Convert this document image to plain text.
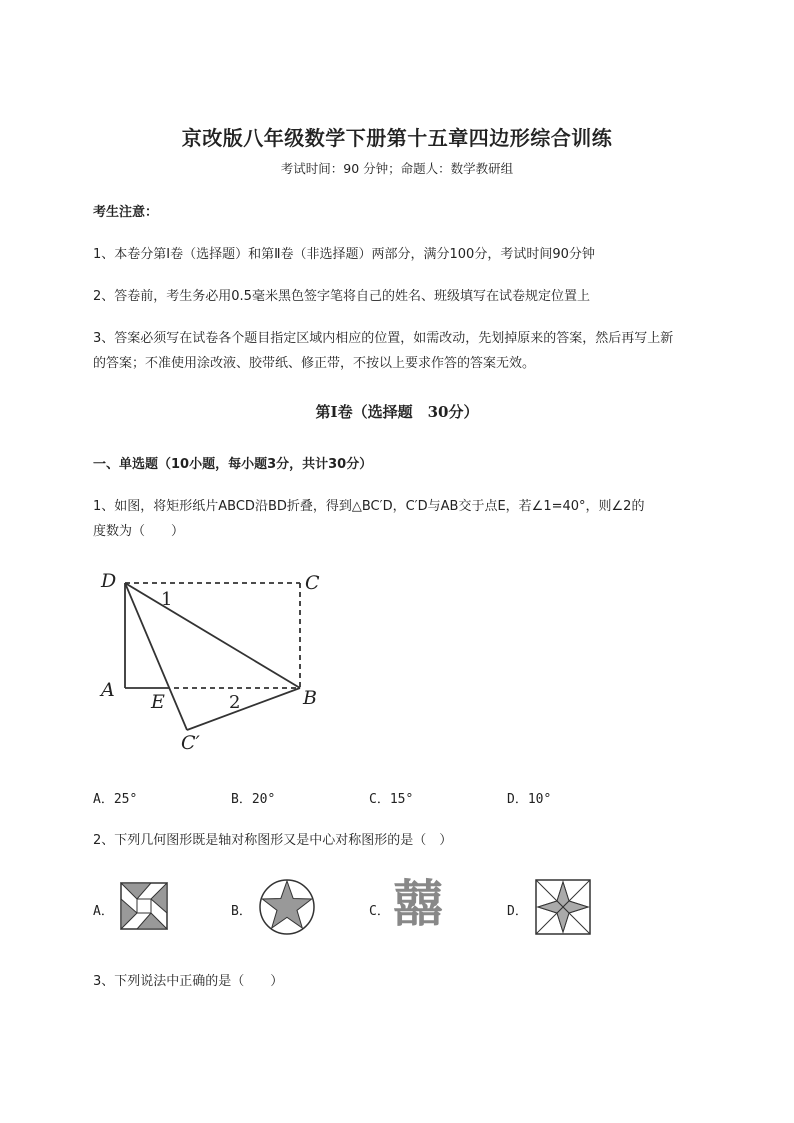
京改版八年级数学下册第十五章四边形综合训练
考试时间：90 分钟；命题人：数学教研组
考生注意：
1、本卷分第Ⅰ卷（选择题）和第Ⅱ卷（非选择题）两部分，满分100分，考试时间90分钟
2、答卷前，考生务必用0.5毫米黑色签字笔将自己的姓名、班级填写在试卷规定位置上
3、答案必须写在试卷各个题目指定区域内相应的位置，如需改动，先划掉原来的答案，然后再写上新
的答案；不准使用涂改液、胶带纸、修正带，不按以上要求作答的答案无效。
第Ⅰ卷（选择题　30分）
一、单选题（10小题，每小题3分，共计30分）
1、如图，将矩形纸片ABCD沿BD折叠，得到△BC′D，C′D与AB交于点E，若∠1=40°，则∠2的
度数为（　　）
D	C
A
E	B
C′
1
2
A．25°	B．20°	C．15°	D．10°
2、下列几何图形既是轴对称图形又是中心对称图形的是（　）
A．	B．	C． 囍	D．
3、下列说法中正确的是（　　）
